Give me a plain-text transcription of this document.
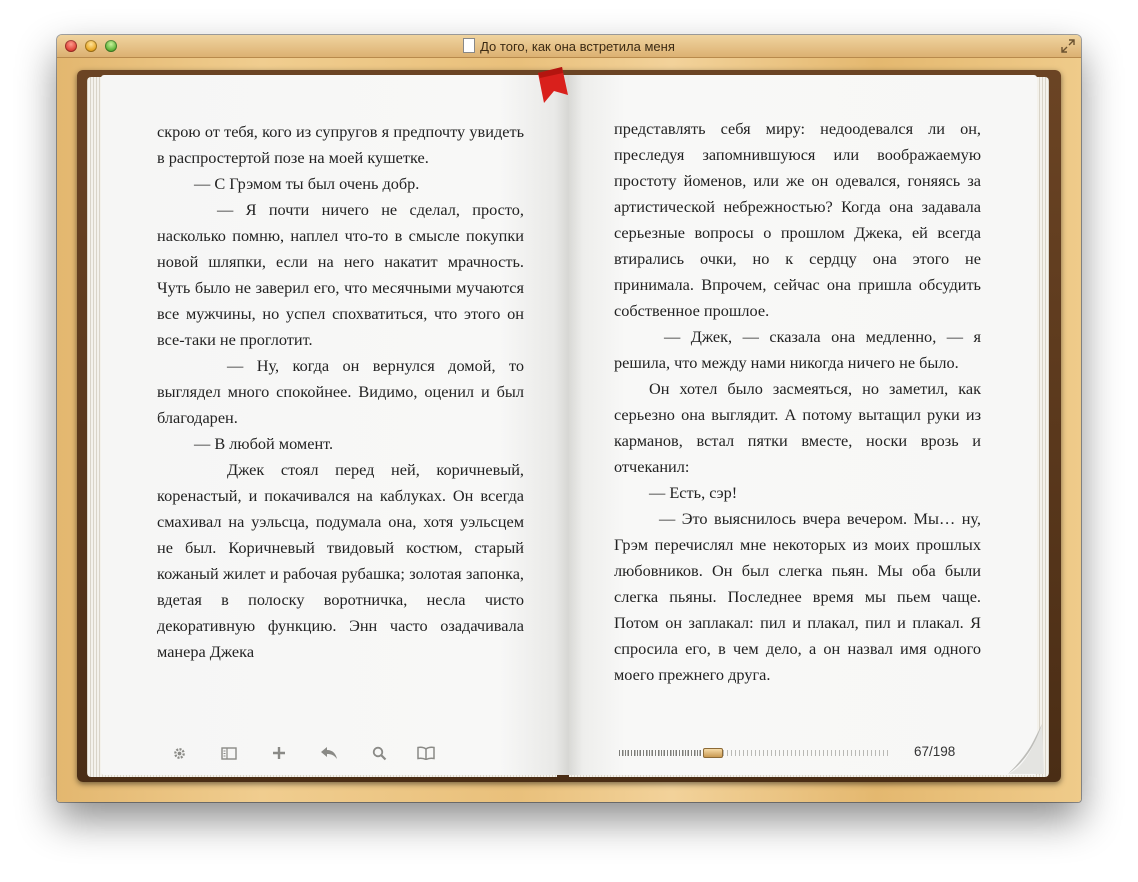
До того, как она встретила меня

скрою от тебя, кого из супругов я предпочту увидеть в распростертой позе на моей кушетке.

— С Грэмом ты был очень добр.

— Я почти ничего не сделал, просто, насколько помню, наплел что-то в смысле покупки новой шляпки, если на него накатит мрачность. Чуть было не заверил его, что месячными мучаются все мужчины, но успел спохватиться, что этого он все-таки не проглотит.

— Ну, когда он вернулся домой, то выглядел много спокойнее. Видимо, оценил и был благодарен.

— В любой момент.

Джек стоял перед ней, коричневый, коренастый, и покачивался на каблуках. Он всегда смахивал на уэльсца, подумала она, хотя уэльсцем не был. Коричневый твидовый костюм, старый кожаный жилет и рабочая рубашка; золотая запонка, вдетая в полоску воротничка, несла чисто декоративную функцию. Энн часто озадачивала манера Джека

представлять себя миру: недоодевался ли он, преследуя запомнившуюся или воображаемую простоту йоменов, или же он одевался, гоняясь за артистической небрежностью? Когда она задавала серьезные вопросы о прошлом Джека, ей всегда втирались очки, но к сердцу она этого не принимала. Впрочем, сейчас она пришла обсудить собственное прошлое.

— Джек, — сказала она медленно, — я решила, что между нами никогда ничего не было.

Он хотел было засмеяться, но заметил, как серьезно она выглядит. А потому вытащил руки из карманов, встал пятки вместе, носки врозь и отчеканил:

— Есть, сэр!

— Это выяснилось вчера вечером. Мы… ну, Грэм перечислял мне некоторых из моих прошлых любовников. Он был слегка пьян. Мы оба были слегка пьяны. Последнее время мы пьем чаще. Потом он заплакал: пил и плакал, пил и плакал. Я спросила его, в чем дело, а он назвал имя одного моего прежнего друга.

67/198
